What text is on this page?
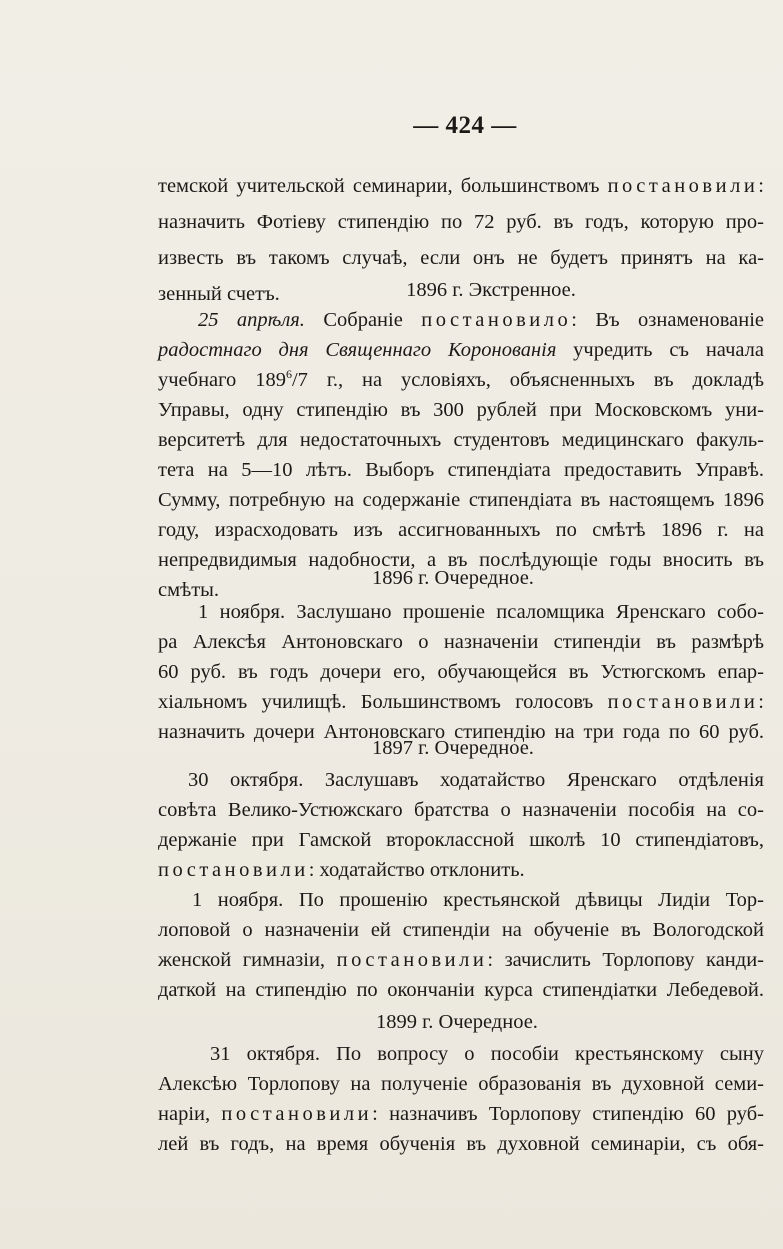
— 424 —
темской учительской семинарии, большинствомъ постановили:
назначить Фотіеву стипендію по 72 руб. въ годъ, которую про-
известь въ такомъ случаѣ, если онъ не будетъ принятъ на ка-
зенный счетъ.	1896 г. Экстренное.
25 апрѣля. Собраніе постановило: Въ ознаменованіе
радостнаго дня Священнаго Коронованія учредить съ начала
учебнаго $189^6/7$ г., на условіяхъ, объясненныхъ въ докладѣ
Управы, одну стипендію въ 300 рублей при Московскомъ уни-
верситетѣ для недостаточныхъ студентовъ медицинскаго факуль-
тета на 5—10 лѣтъ. Выборъ стипендіата предоставить Управѣ.
Сумму, потребную на содержаніе стипендіата въ настоящемъ 1896
году, израсходовать изъ ассигнованныхъ по смѣтѣ 1896 г. на
непредвидимыя надобности, а въ послѣдующіе годы вносить въ
смѣты.
1896 г. Очередное.
1 ноября. Заслушано прошеніе псаломщика Яренскаго собо-
ра Алексѣя Антоновскаго о назначеніи стипендіи въ размѣрѣ
60 руб. въ годъ дочери его, обучающейся въ Устюгскомъ епар-
хіальномъ училищѣ. Большинствомъ голосовъ постановили:
назначить дочери Антоновскаго стипендію на три года по 60 руб.
1897 г. Очередное.
30 октября. Заслушавъ ходатайство Яренскаго отдѣленія
совѣта Велико-Устюжскаго братства о назначеніи пособія на со-
держаніе при Гамской второклассной школѣ 10 стипендіатовъ,
постановили: ходатайство отклонить.
1 ноября. По прошенію крестьянской дѣвицы Лидіи Тор-
лоповой о назначеніи ей стипендіи на обученіе въ Вологодской
женской гимназіи, постановили: зачислить Торлопову канди-
даткой на стипендію по окончаніи курса стипендіатки Лебедевой.
1899 г. Очередное.
31 октября. По вопросу о пособіи крестьянскому сыну
Алексѣю Торлопову на полученіе образованія въ духовной семи-
наріи, постановили: назначивъ Торлопову стипендію 60 руб-
лей въ годъ, на время обученія въ духовной семинаріи, съ обя-
